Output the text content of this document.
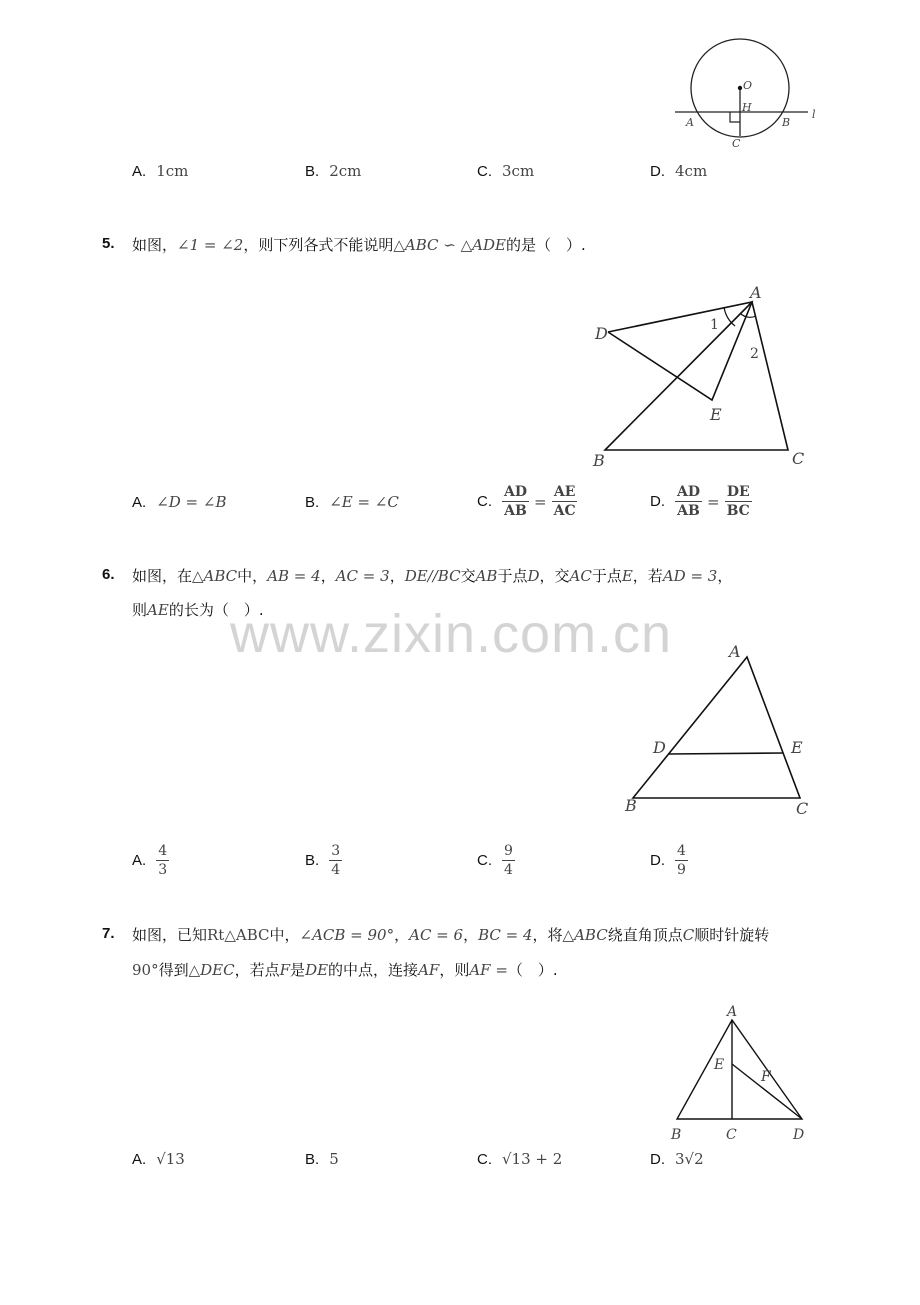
www.zixin.com.cn
O
H
A	B
C
l
A. 1cm	B. 2cm	C. 3cm	D. 4cm
5. 如图，∠1 = ∠2，则下列各式不能说明△ABC ∽ △ADE的是（　）.
A
D
E
B	C
1
2
A. ∠D = ∠B	B. ∠E = ∠C	C. $\frac{AD}{AB} = \frac{AE}{AC}$	D. $\frac{AD}{AB} = \frac{DE}{BC}$
6. 如图，在△ABC中，AB = 4，AC = 3，DE//BC交AB于点D，交AC于点E，若AD = 3，
则AE的长为（　）.
A
D	E
B	C
A. $\frac{4}{3}$	B. $\frac{3}{4}$	C. $\frac{9}{4}$	D. $\frac{4}{9}$
7. 如图，已知Rt△ABC中，∠ACB = 90°，AC = 6，BC = 4，将△ABC绕直角顶点C顺时针旋转
90°得到△DEC，若点F是DE的中点，连接AF，则AF =（　）.
A
E
F
B	C	D
A. √13	B. 5	C. √13 + 2	D. 3√2
